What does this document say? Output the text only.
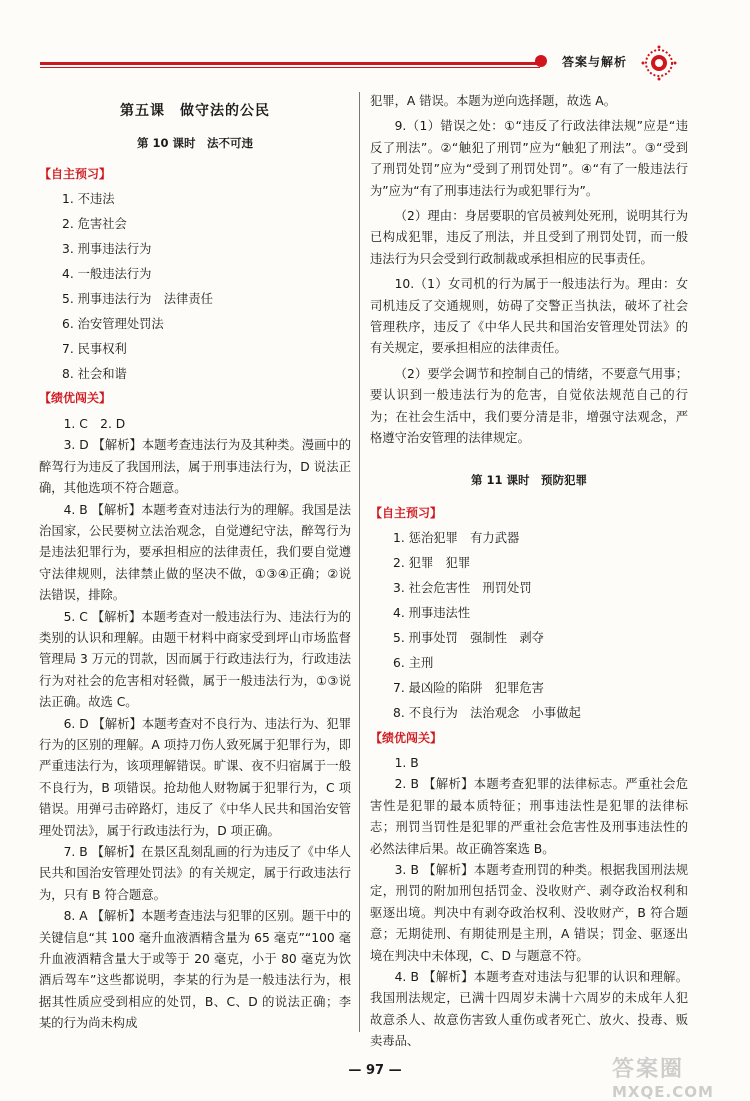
答案与解析
第五课　做守法的公民
第 10 课时　法不可违
【自主预习】
1. 不违法
2. 危害社会
3. 刑事违法行为
4. 一般违法行为
5. 刑事违法行为　法律责任
6. 治安管理处罚法
7. 民事权利
8. 社会和谐
【绩优闯关】

1. C　2. D

3. D 【解析】本题考查违法行为及其种类。漫画中的醉驾行为违反了我国刑法，属于刑事违法行为，D 说法正确，其他选项不符合题意。

4. B 【解析】本题考查对违法行为的理解。我国是法治国家，公民要树立法治观念，自觉遵纪守法，醉驾行为是违法犯罪行为，要承担相应的法律责任，我们要自觉遵守法律规则，法律禁止做的坚决不做，①③④正确；②说法错误，排除。

5. C 【解析】本题考查对一般违法行为、违法行为的类别的认识和理解。由题干材料中商家受到坪山市场监督管理局 3 万元的罚款，因而属于行政违法行为，行政违法行为对社会的危害相对轻微，属于一般违法行为，①③说法正确。故选 C。

6. D 【解析】本题考查对不良行为、违法行为、犯罪行为的区别的理解。A 项持刀伤人致死属于犯罪行为，即严重违法行为，该项理解错误。旷课、夜不归宿属于一般不良行为，B 项错误。抢劫他人财物属于犯罪行为，C 项错误。用弹弓击碎路灯，违反了《中华人民共和国治安管理处罚法》，属于行政违法行为，D 项正确。

7. B 【解析】在景区乱刻乱画的行为违反了《中华人民共和国治安管理处罚法》的有关规定，属于行政违法行为，只有 B 符合题意。

8. A 【解析】本题考查违法与犯罪的区别。题干中的关键信息“其 100 毫升血液酒精含量为 65 毫克”“100 毫升血液酒精含量大于或等于 20 毫克，小于 80 毫克为饮酒后驾车”这些都说明，李某的行为是一般违法行为，根据其性质应受到相应的处罚，B、C、D 的说法正确；李某的行为尚未构成

犯罪，A 错误。本题为逆向选择题，故选 A。

9.（1）错误之处：①“违反了行政法律法规”应是“违反了刑法”。②“触犯了刑罚”应为“触犯了刑法”。③“受到了刑罚处罚”应为“受到了刑罚处罚”。④“有了一般违法行为”应为“有了刑事违法行为或犯罪行为”。

（2）理由：身居要职的官员被判处死刑，说明其行为已构成犯罪，违反了刑法，并且受到了刑罚处罚，而一般违法行为只会受到行政制裁或承担相应的民事责任。

10.（1）女司机的行为属于一般违法行为。理由：女司机违反了交通规则，妨碍了交警正当执法，破坏了社会管理秩序，违反了《中华人民共和国治安管理处罚法》的有关规定，要承担相应的法律责任。

（2）要学会调节和控制自己的情绪，不要意气用事；要认识到一般违法行为的危害，自觉依法规范自己的行为；在社会生活中，我们要分清是非，增强守法观念，严格遵守治安管理的法律规定。

第 11 课时　预防犯罪
【自主预习】
1. 惩治犯罪　有力武器
2. 犯罪　犯罪
3. 社会危害性　刑罚处罚
4. 刑事违法性
5. 刑事处罚　强制性　剥夺
6. 主刑
7. 最凶险的陷阱　犯罪危害
8. 不良行为　法治观念　小事做起
【绩优闯关】

1. B

2. B 【解析】本题考查犯罪的法律标志。严重社会危害性是犯罪的最本质特征；刑事违法性是犯罪的法律标志；刑罚当罚性是犯罪的严重社会危害性及刑事违法性的必然法律后果。故正确答案选 B。

3. B 【解析】本题考查刑罚的种类。根据我国刑法规定，刑罚的附加刑包括罚金、没收财产、剥夺政治权利和驱逐出境。判决中有剥夺政治权利、没收财产，B 符合题意；无期徒刑、有期徒刑是主刑，A 错误；罚金、驱逐出境在判决中未体现，C、D 与题意不符。

4. B 【解析】本题考查对违法与犯罪的认识和理解。我国刑法规定，已满十四周岁未满十六周岁的未成年人犯故意杀人、故意伤害致人重伤或者死亡、放火、投毒、贩卖毒品、

— 97 —	答案圈
MXQE.COM
